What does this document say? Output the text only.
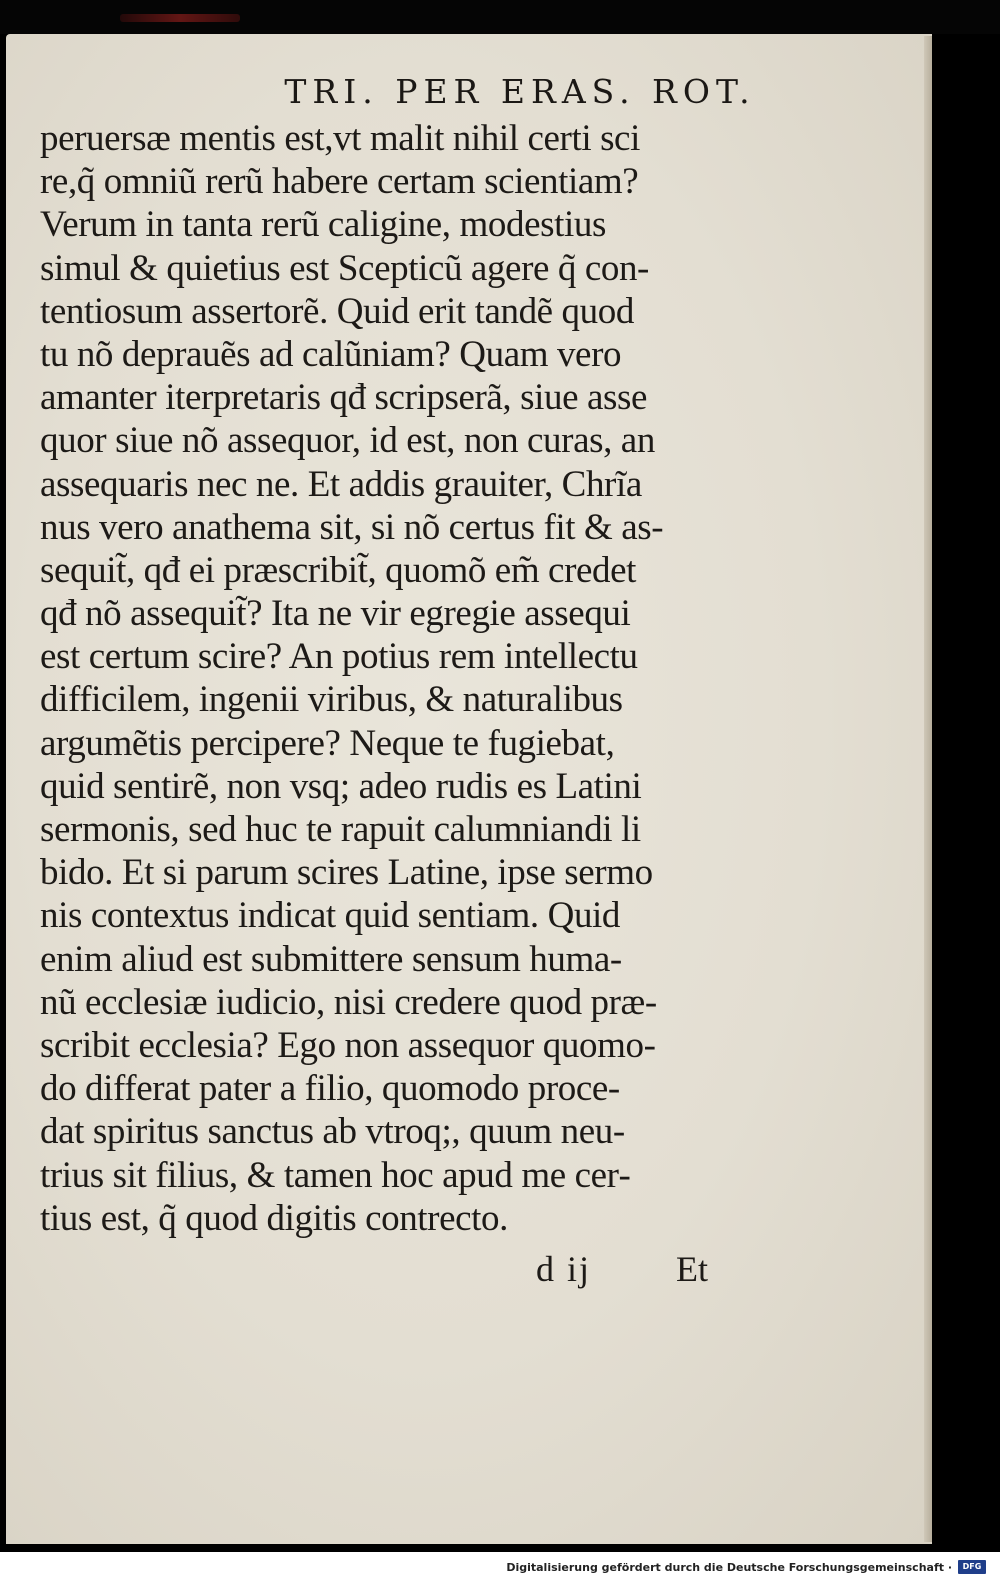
TRI. PER ERAS. ROT.
peruersæ mentis est,vt malit nihil certi sci
re,q̃ omniũ rerũ habere certam scientiam?
Verum in tanta rerũ caligine, modestius
simul & quietius est Scepticũ agere q̃ con‑
tentiosum assertorẽ. Quid erit tandẽ quod
tu nõ deprauẽs ad calũniam? Quam vero
amanter iterpretaris qđ scripserã, siue asse
quor siue nõ assequor, id est, non curas, an
assequaris nec ne. Et addis grauiter, Chrĩa
nus vero anathema sit, si nõ certus fit & as‑
sequit̃, qđ ei præscribit̃, quomõ em̃ credet
qđ nõ assequit̃? Ita ne vir egregie assequi
est certum scire? An potius rem intellectu
difficilem, ingenii viribus, & naturalibus
argumẽtis percipere? Neque te fugiebat,
quid sentirẽ, non vsq; adeo rudis es Latini
sermonis, sed huc te rapuit calumniandi li
bido. Et si parum scires Latine, ipse sermo
nis contextus indicat quid sentiam. Quid
enim aliud est submittere sensum huma‑
nũ ecclesiæ iudicio, nisi credere quod præ‑
scribit ecclesia? Ego non assequor quomo‑
do differat pater a filio, quomodo proce‑
dat spiritus sanctus ab vtroq;, quum neu‑
trius sit filius, & tamen hoc apud me cer‑
tius est, q̃ quod digitis contrecto.
d ij Et
Digitalisierung gefördert durch die Deutsche Forschungsgemeinschaft ·	DFG
